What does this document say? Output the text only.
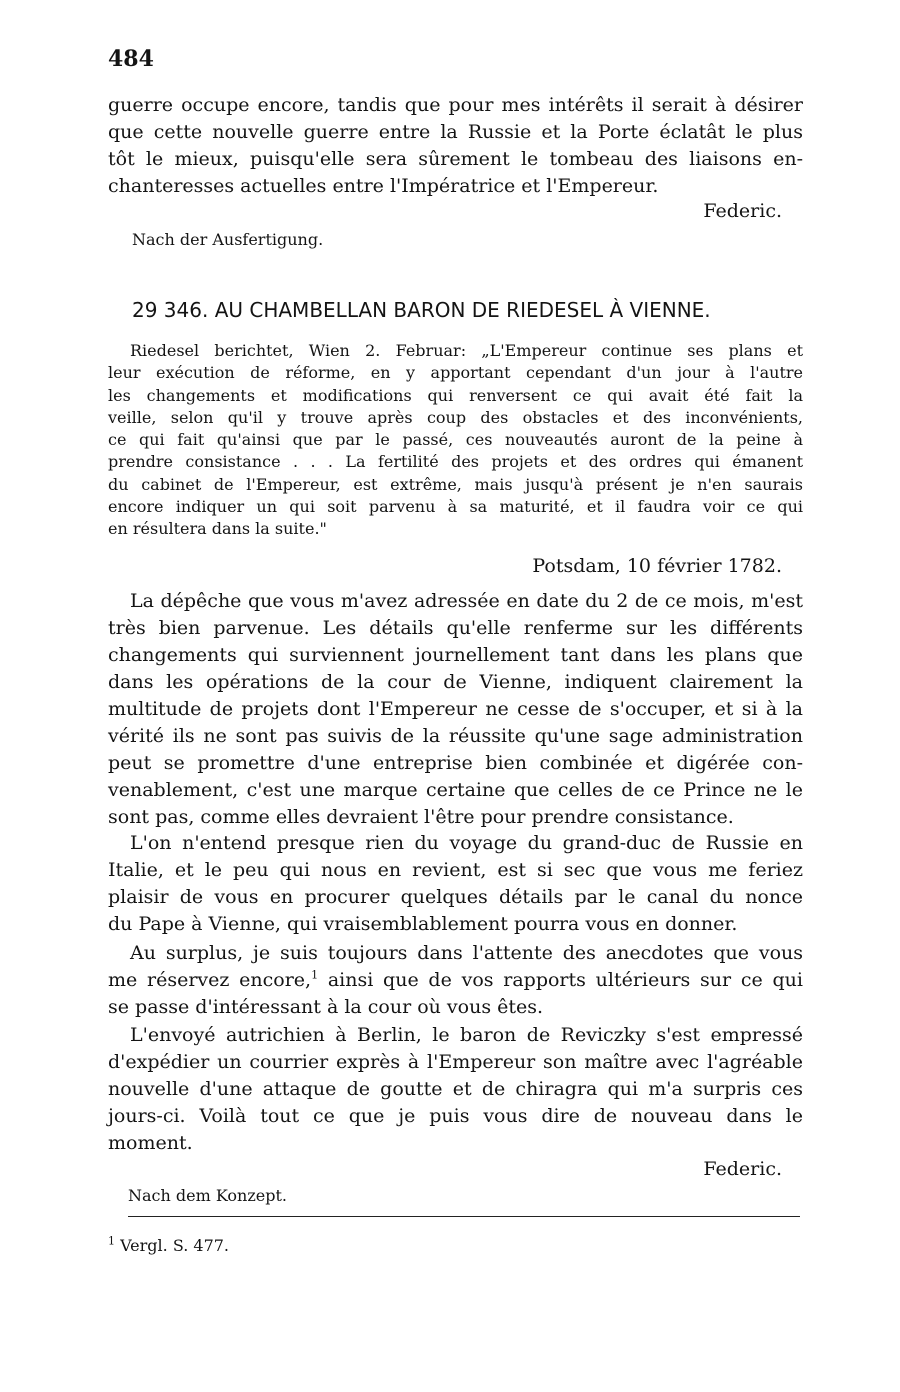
484
guerre occupe encore, tandis que pour mes intérêts il serait à désirer
que cette nouvelle guerre entre la Russie et la Porte éclatât le plus
tôt le mieux, puisqu'elle sera sûrement le tombeau des liaisons en-
chanteresses actuelles entre l'Impératrice et l'Empereur.
Federic.
Nach der Ausfertigung.
29 346. AU CHAMBELLAN BARON DE RIEDESEL À VIENNE.
Riedesel berichtet, Wien 2. Februar: „L'Empereur continue ses plans et
leur exécution de réforme, en y apportant cependant d'un jour à l'autre
les changements et modifications qui renversent ce qui avait été fait la
veille, selon qu'il y trouve après coup des obstacles et des inconvénients,
ce qui fait qu'ainsi que par le passé, ces nouveautés auront de la peine à
prendre consistance . . . La fertilité des projets et des ordres qui émanent
du cabinet de l'Empereur, est extrême, mais jusqu'à présent je n'en saurais
encore indiquer un qui soit parvenu à sa maturité, et il faudra voir ce qui
en résultera dans la suite."
Potsdam, 10 février 1782.
La dépêche que vous m'avez adressée en date du 2 de ce mois, m'est
très bien parvenue. Les détails qu'elle renferme sur les différents
changements qui surviennent journellement tant dans les plans que
dans les opérations de la cour de Vienne, indiquent clairement la
multitude de projets dont l'Empereur ne cesse de s'occuper, et si à la
vérité ils ne sont pas suivis de la réussite qu'une sage administration
peut se promettre d'une entreprise bien combinée et digérée con-
venablement, c'est une marque certaine que celles de ce Prince ne le
sont pas, comme elles devraient l'être pour prendre consistance.
L'on n'entend presque rien du voyage du grand-duc de Russie en
Italie, et le peu qui nous en revient, est si sec que vous me feriez
plaisir de vous en procurer quelques détails par le canal du nonce
du Pape à Vienne, qui vraisemblablement pourra vous en donner.
Au surplus, je suis toujours dans l'attente des anecdotes que vous
me réservez encore,$^1$ ainsi que de vos rapports ultérieurs sur ce qui
se passe d'intéressant à la cour où vous êtes.
L'envoyé autrichien à Berlin, le baron de Reviczky s'est empressé
d'expédier un courrier exprès à l'Empereur son maître avec l'agréable
nouvelle d'une attaque de goutte et de chiragra qui m'a surpris ces
jours-ci. Voilà tout ce que je puis vous dire de nouveau dans le
moment.
Federic.
Nach dem Konzept.
$^1$ Vergl. S. 477.
